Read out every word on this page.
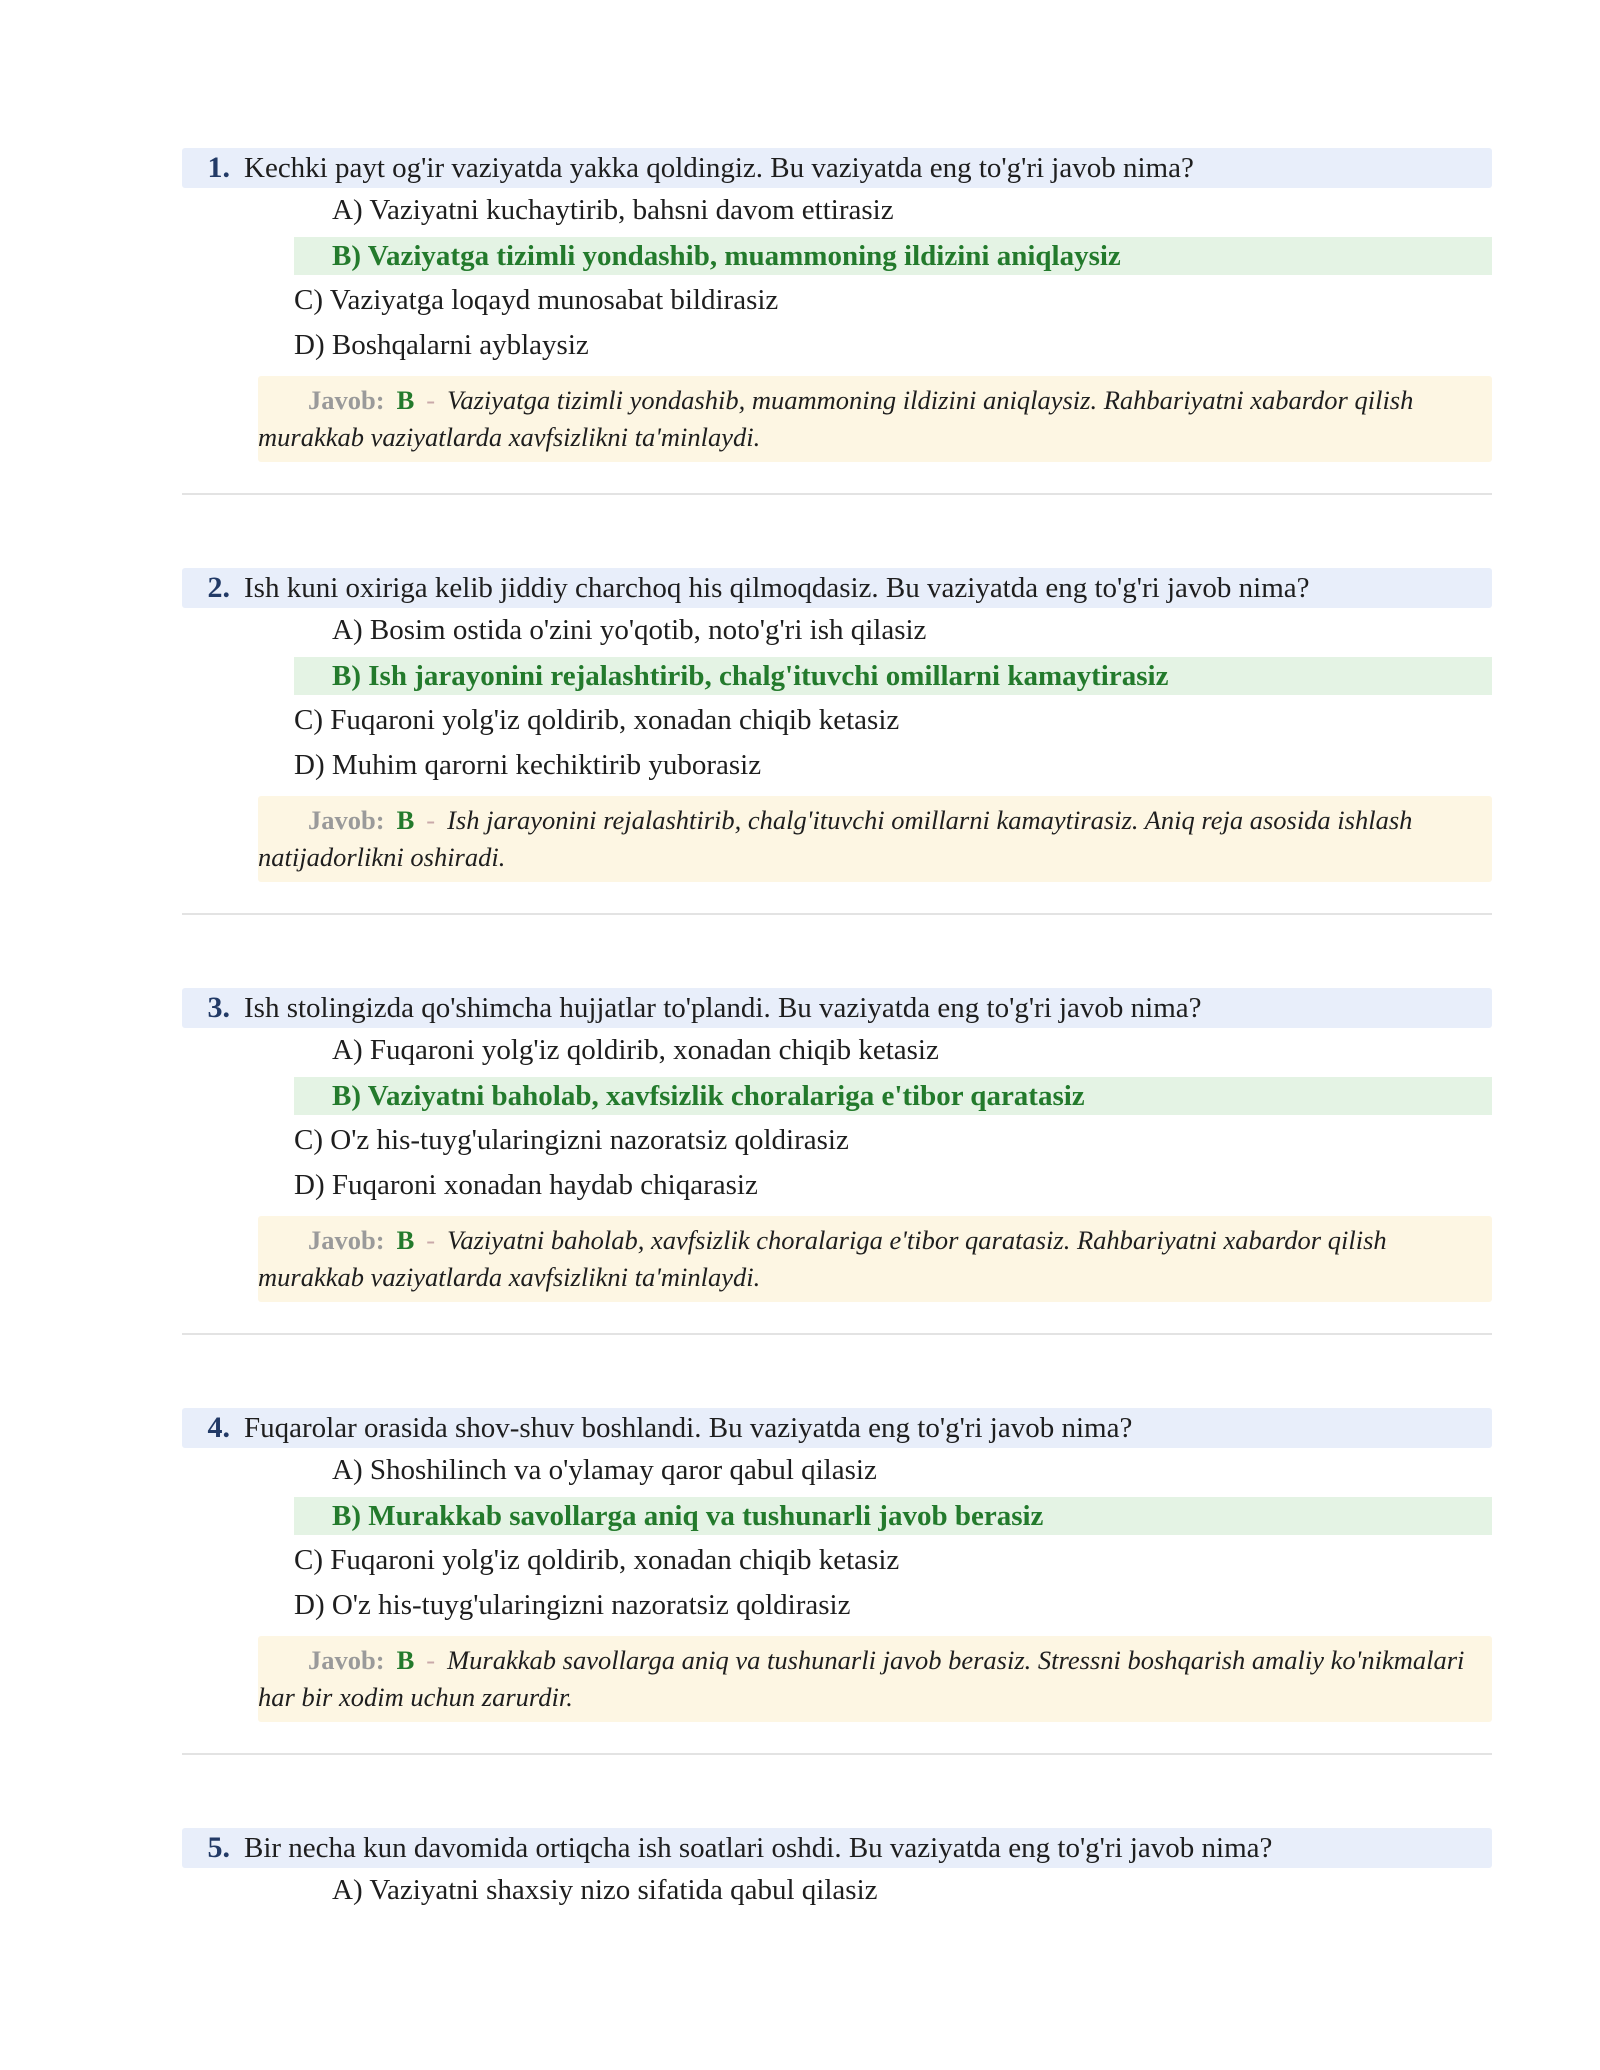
1. Kechki payt og'ir vaziyatda yakka qoldingiz. Bu vaziyatda eng to'g'ri javob nima?
A) Vaziyatni kuchaytirib, bahsni davom ettirasiz
B) Vaziyatga tizimli yondashib, muammoning ildizini aniqlaysiz
C) Vaziyatga loqayd munosabat bildirasiz
D) Boshqalarni ayblaysiz
Javob: B - Vaziyatga tizimli yondashib, muammoning ildizini aniqlaysiz. Rahbariyatni xabardor qilish murakkab vaziyatlarda xavfsizlikni ta'minlaydi.
2. Ish kuni oxiriga kelib jiddiy charchoq his qilmoqdasiz. Bu vaziyatda eng to'g'ri javob nima?
A) Bosim ostida o'zini yo'qotib, noto'g'ri ish qilasiz
B) Ish jarayonini rejalashtirib, chalg'ituvchi omillarni kamaytirasiz
C) Fuqaroni yolg'iz qoldirib, xonadan chiqib ketasiz
D) Muhim qarorni kechiktirib yuborasiz
Javob: B - Ish jarayonini rejalashtirib, chalg'ituvchi omillarni kamaytirasiz. Aniq reja asosida ishlash natijadorlikni oshiradi.
3. Ish stolingizda qo'shimcha hujjatlar to'plandi. Bu vaziyatda eng to'g'ri javob nima?
A) Fuqaroni yolg'iz qoldirib, xonadan chiqib ketasiz
B) Vaziyatni baholab, xavfsizlik choralariga e'tibor qaratasiz
C) O'z his-tuyg'ularingizni nazoratsiz qoldirasiz
D) Fuqaroni xonadan haydab chiqarasiz
Javob: B - Vaziyatni baholab, xavfsizlik choralariga e'tibor qaratasiz. Rahbariyatni xabardor qilish murakkab vaziyatlarda xavfsizlikni ta'minlaydi.
4. Fuqarolar orasida shov-shuv boshlandi. Bu vaziyatda eng to'g'ri javob nima?
A) Shoshilinch va o'ylamay qaror qabul qilasiz
B) Murakkab savollarga aniq va tushunarli javob berasiz
C) Fuqaroni yolg'iz qoldirib, xonadan chiqib ketasiz
D) O'z his-tuyg'ularingizni nazoratsiz qoldirasiz
Javob: B - Murakkab savollarga aniq va tushunarli javob berasiz. Stressni boshqarish amaliy ko'nikmalari har bir xodim uchun zarurdir.
5. Bir necha kun davomida ortiqcha ish soatlari oshdi. Bu vaziyatda eng to'g'ri javob nima?
A) Vaziyatni shaxsiy nizo sifatida qabul qilasiz
